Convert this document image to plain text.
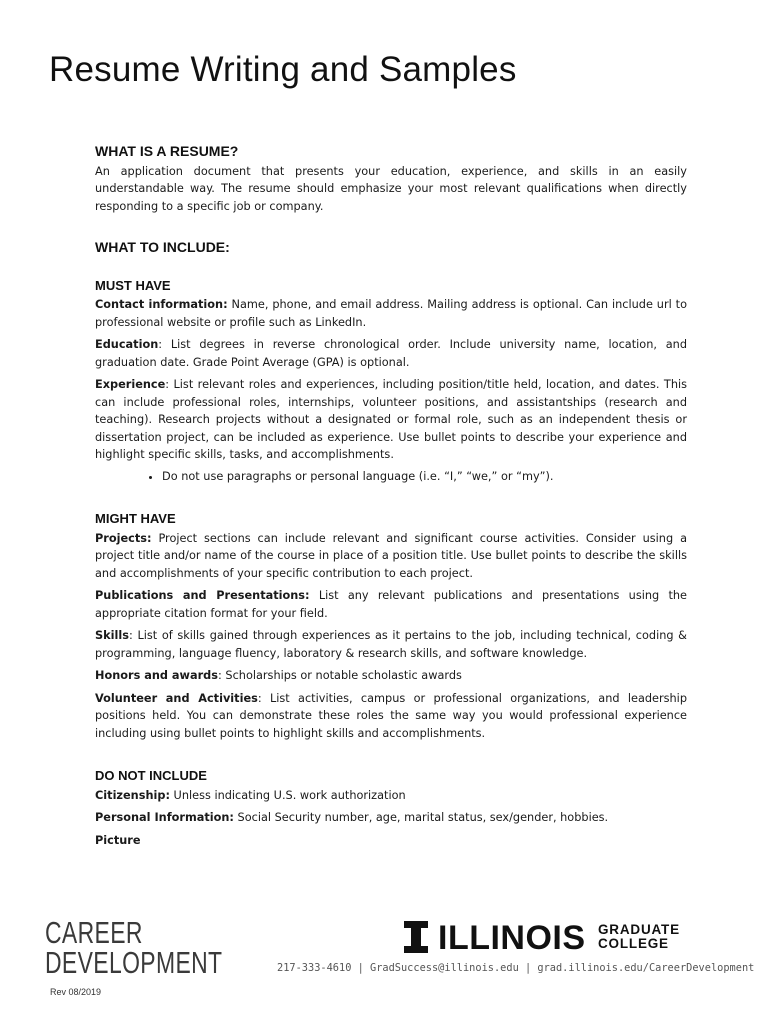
Resume Writing and Samples
WHAT IS A RESUME?

An application document that presents your education, experience, and skills in an easily understandable way. The resume should emphasize your most relevant qualifications when directly responding to a specific job or company.

WHAT TO INCLUDE:
MUST HAVE

Contact information: Name, phone, and email address. Mailing address is optional. Can include url to professional website or profile such as LinkedIn.

Education: List degrees in reverse chronological order. Include university name, location, and graduation date. Grade Point Average (GPA) is optional.

Experience: List relevant roles and experiences, including position/title held, location, and dates. This can include professional roles, internships, volunteer positions, and assistantships (research and teaching). Research projects without a designated or formal role, such as an independent thesis or dissertation project, can be included as experience. Use bullet points to describe your experience and highlight specific skills, tasks, and accomplishments.

• Do not use paragraphs or personal language (i.e. “I,” “we,” or “my”).
MIGHT HAVE

Projects: Project sections can include relevant and significant course activities. Consider using a project title and/or name of the course in place of a position title. Use bullet points to describe the skills and accomplishments of your specific contribution to each project.

Publications and Presentations: List any relevant publications and presentations using the appropriate citation format for your field.

Skills: List of skills gained through experiences as it pertains to the job, including technical, coding & programming, language fluency, laboratory & research skills, and software knowledge.

Honors and awards: Scholarships or notable scholastic awards

Volunteer and Activities: List activities, campus or professional organizations, and leadership positions held. You can demonstrate these roles the same way you would professional experience including using bullet points to highlight skills and accomplishments.

DO NOT INCLUDE

Citizenship: Unless indicating U.S. work authorization

Personal Information: Social Security number, age, marital status, sex/gender, hobbies.

Picture

CAREER
DEVELOPMENT
Rev 08/2019
ILLINOIS GRADUATE
COLLEGE
217-333-4610 | GradSuccess@illinois.edu | grad.illinois.edu/CareerDevelopment
